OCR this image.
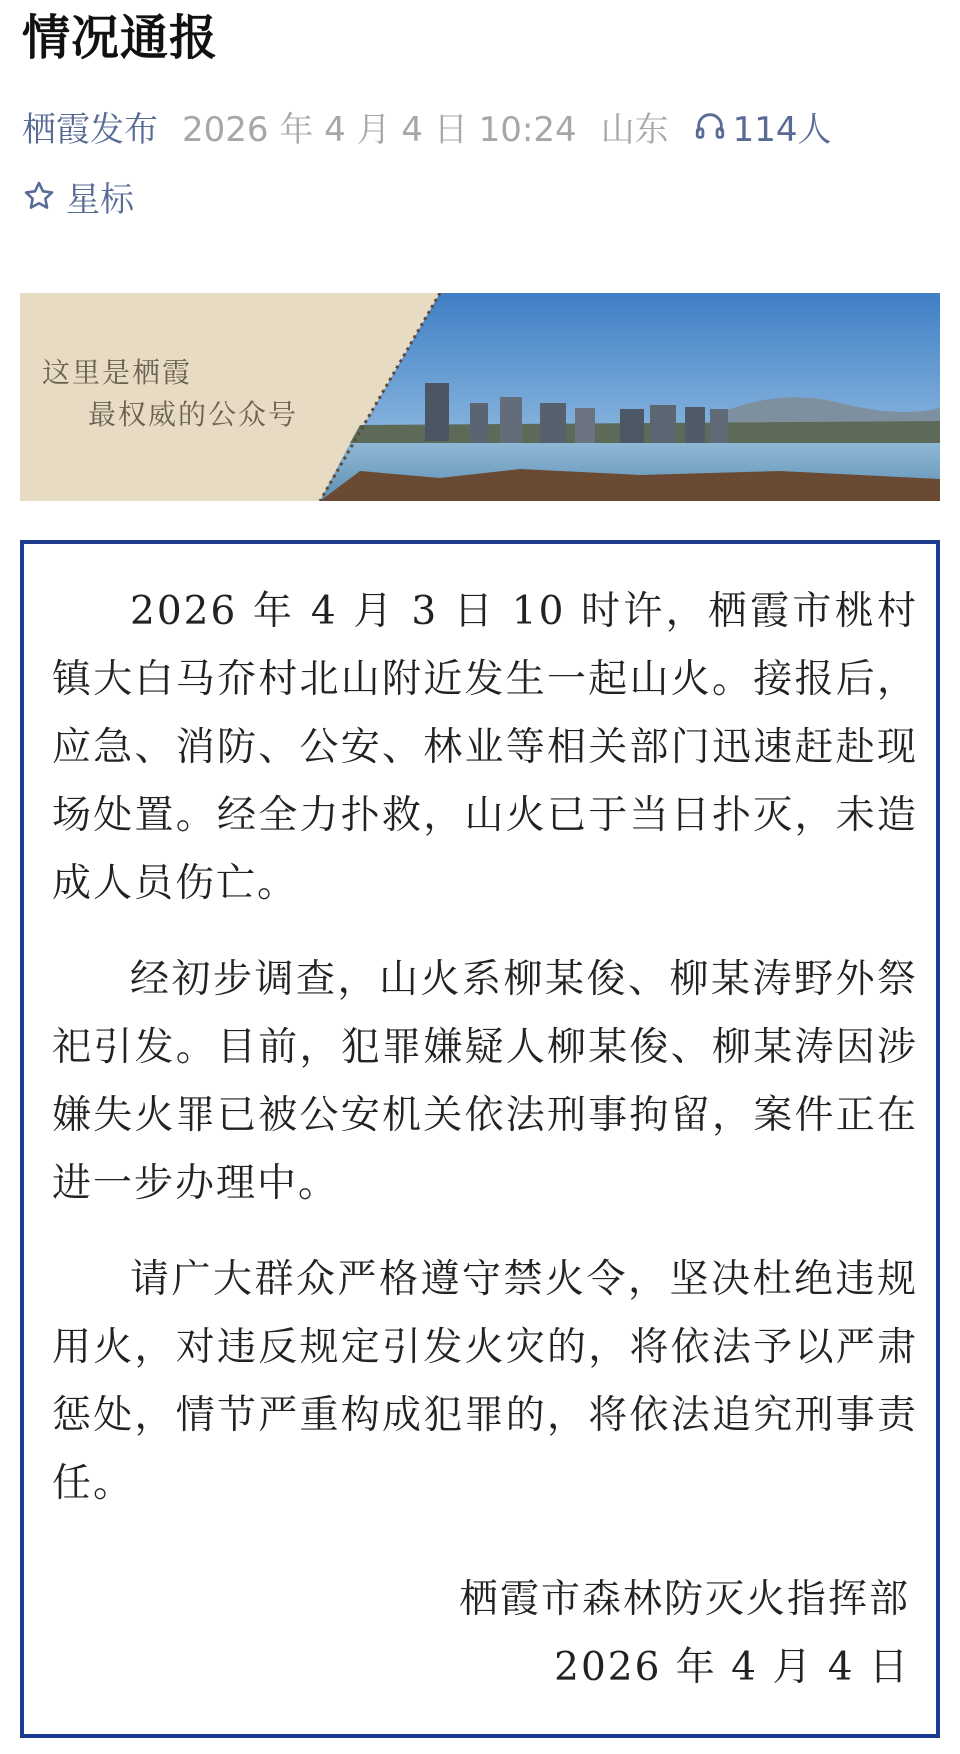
情况通报
栖霞发布 2026 年 4 月 4 日 10:24 山东 114人
星标
这里是栖霞
最权威的公众号

2026 年 4 月 3 日 10 时许，栖霞市桃村镇大白马夼村北山附近发生一起山火。接报后，应急、消防、公安、林业等相关部门迅速赶赴现场处置。经全力扑救，山火已于当日扑灭，未造成人员伤亡。

经初步调查，山火系柳某俊、柳某涛野外祭祀引发。目前，犯罪嫌疑人柳某俊、柳某涛因涉嫌失火罪已被公安机关依法刑事拘留，案件正在进一步办理中。

请广大群众严格遵守禁火令，坚决杜绝违规用火，对违反规定引发火灾的，将依法予以严肃惩处，情节严重构成犯罪的，将依法追究刑事责任。

栖霞市森林防灭火指挥部
2026 年 4 月 4 日
